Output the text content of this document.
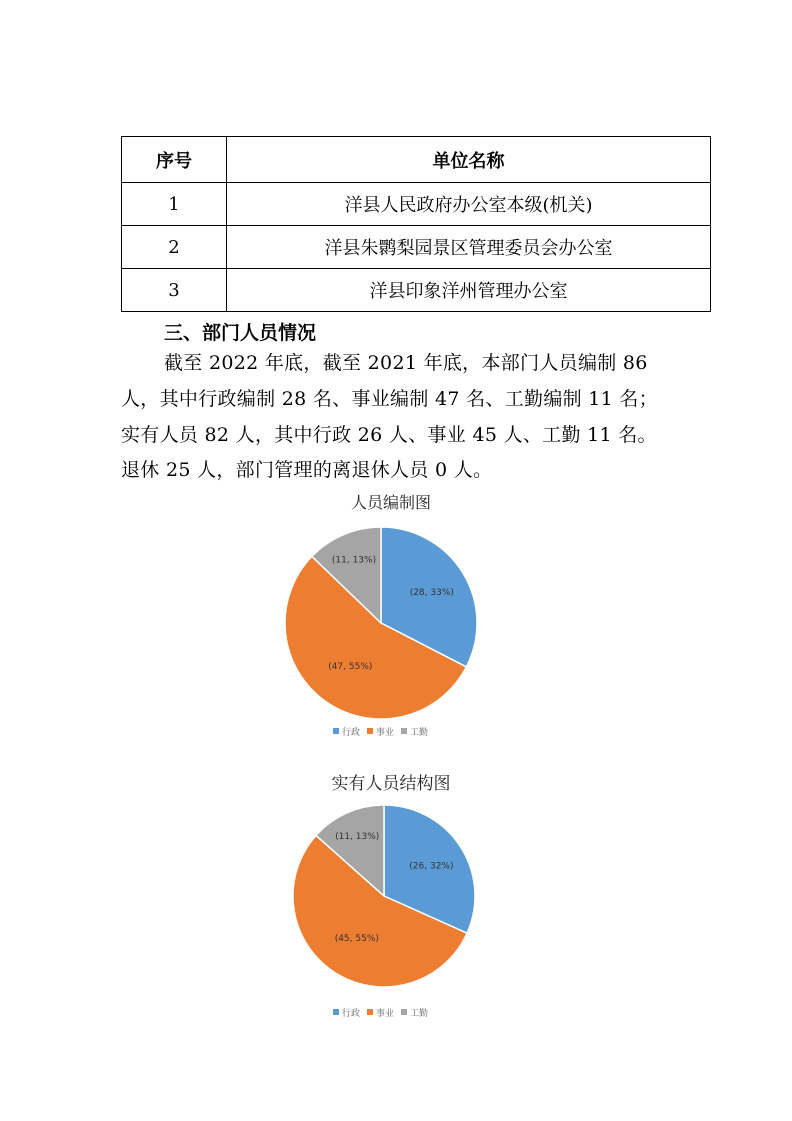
序号	单位名称
1	洋县人民政府办公室本级(机关)
2	洋县朱鹮梨园景区管理委员会办公室
3	洋县印象洋州管理办公室
三、部门人员情况
截至 2022 年底，截至 2021 年底，本部门人员编制 86
人，其中行政编制 28 名、事业编制 47 名、工勤编制 11 名；
实有人员 82 人，其中行政 26 人、事业 45 人、工勤 11 名。
退休 25 人，部门管理的离退休人员 0 人。
人员编制图
(28, 33%)
(47, 55%)
(11, 13%)
行政 事业 工勤
实有人员结构图
(26, 32%)
(45, 55%)
(11, 13%)
行政 事业 工勤
